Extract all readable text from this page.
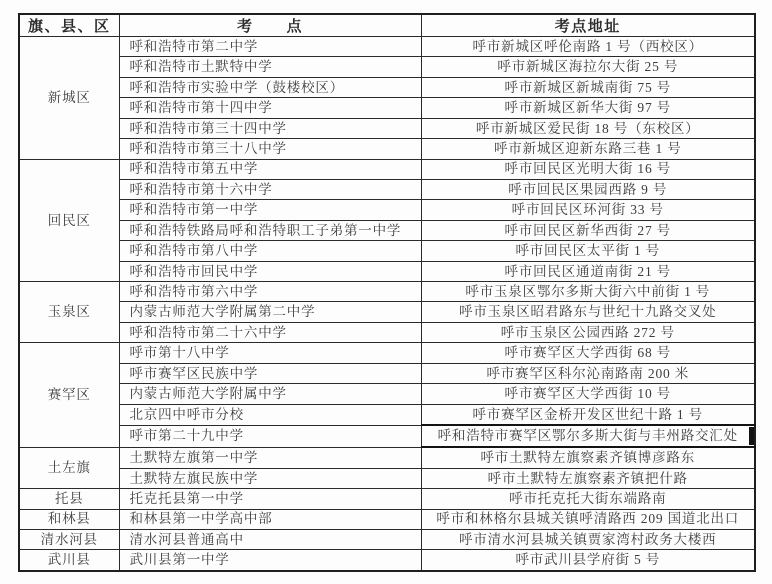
旗、县、区	考　　点	考点地址
新城区	呼和浩特市第二中学	呼市新城区呼伦南路 1 号（西校区）
	呼和浩特市土默特中学	呼市新城区海拉尔大街 25 号
	呼和浩特市实验中学（鼓楼校区）	呼市新城区新城南街 75 号
	呼和浩特市第十四中学	呼市新城区新华大街 97 号
	呼和浩特市第三十四中学	呼市新城区爱民街 18 号（东校区）
	呼和浩特市第三十八中学	呼市新城区迎新东路三巷 1 号
回民区	呼和浩特市第五中学	呼市回民区光明大街 16 号
	呼和浩特市第十六中学	呼市回民区果园西路 9 号
	呼和浩特市第一中学	呼市回民区环河街 33 号
	呼和浩特铁路局呼和浩特职工子弟第一中学	呼市回民区新华西街 27 号
	呼和浩特市第八中学	呼市回民区太平街 1 号
	呼和浩特市回民中学	呼市回民区通道南街 21 号
玉泉区	呼和浩特市第六中学	呼市玉泉区鄂尔多斯大街六中前街 1 号
	内蒙古师范大学附属第二中学	呼市玉泉区昭君路东与世纪十九路交叉处
	呼和浩特市第二十六中学	呼市玉泉区公园西路 272 号
赛罕区	呼市第十八中学	呼市赛罕区大学西街 68 号
	呼市赛罕区民族中学	呼市赛罕区科尔沁南路南 200 米
	内蒙古师范大学附属中学	呼市赛罕区大学西街 10 号
	北京四中呼市分校	呼市赛罕区金桥开发区世纪十路 1 号
	呼市第二十九中学	呼和浩特市赛罕区鄂尔多斯大街与丰州路交汇处
土左旗	土默特左旗第一中学	呼市土默特左旗察素齐镇博彦路东
	土默特左旗民族中学	呼市土默特左旗察素齐镇把什路
托县	托克托县第一中学	呼市托克托大街东端路南
和林县	和林县第一中学高中部	呼市和林格尔县城关镇呼清路西 209 国道北出口
清水河县	清水河县普通高中	呼市清水河县城关镇贾家湾村政务大楼西
武川县	武川县第一中学	呼市武川县学府街 5 号
